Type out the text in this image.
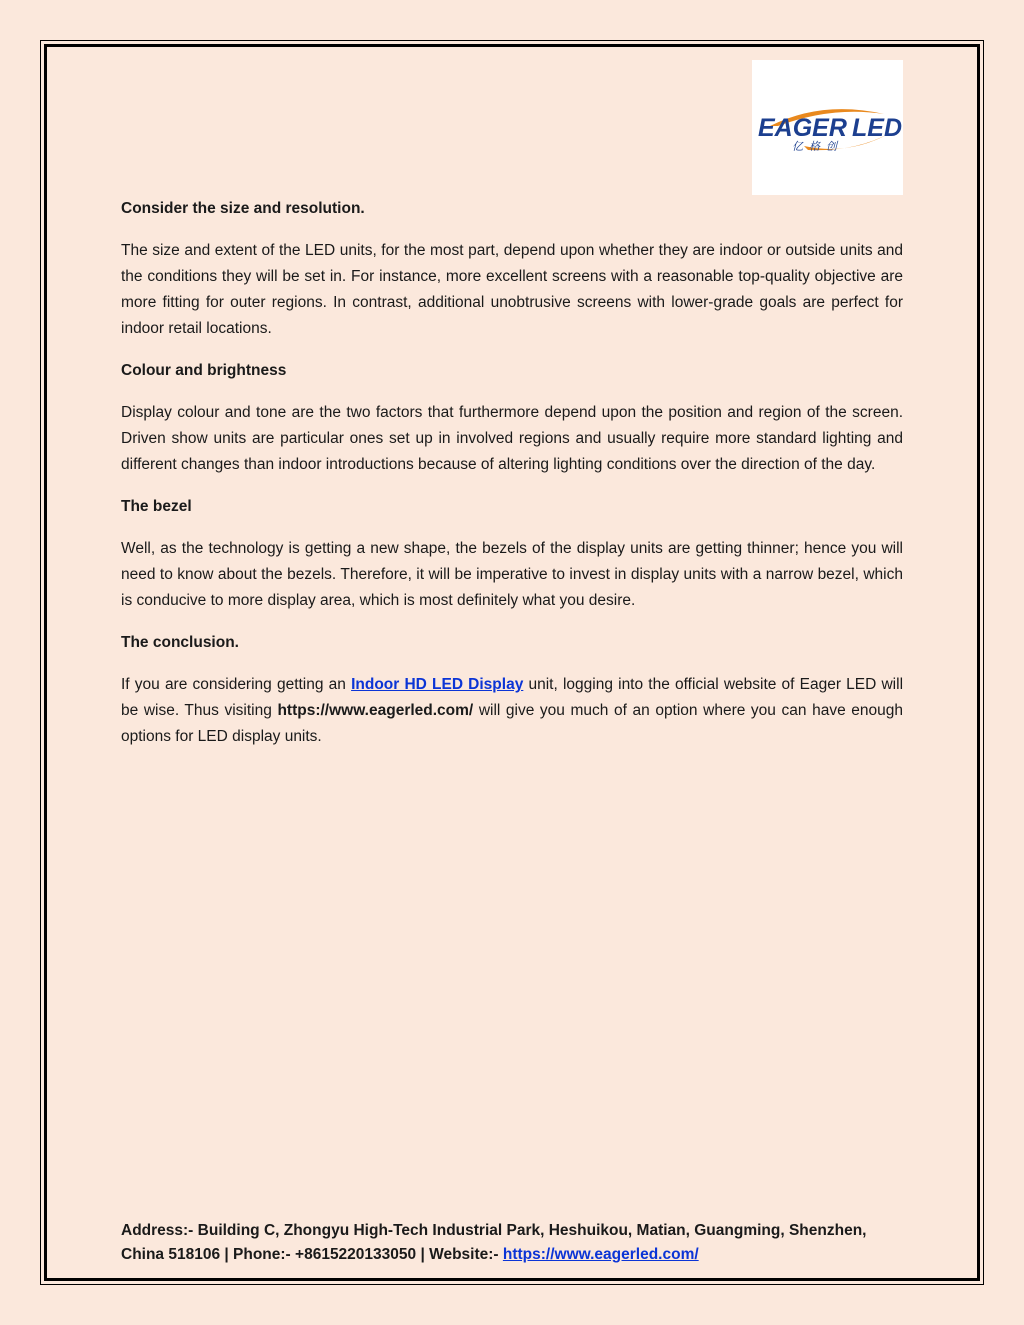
EAGER LED
亿格创

Consider the size and resolution.

The size and extent of the LED units, for the most part, depend upon whether they are indoor or outside units and the conditions they will be set in. For instance, more excellent screens with a reasonable top-quality objective are more fitting for outer regions. In contrast, additional unobtrusive screens with lower-grade goals are perfect for indoor retail locations.

Colour and brightness

Display colour and tone are the two factors that furthermore depend upon the position and region of the screen. Driven show units are particular ones set up in involved regions and usually require more standard lighting and different changes than indoor introductions because of altering lighting conditions over the direction of the day.

The bezel

Well, as the technology is getting a new shape, the bezels of the display units are getting thinner; hence you will need to know about the bezels. Therefore, it will be imperative to invest in display units with a narrow bezel, which is conducive to more display area, which is most definitely what you desire.

The conclusion.

If you are considering getting an Indoor HD LED Display unit, logging into the official website of Eager LED will be wise. Thus visiting https://www.eagerled.com/ will give you much of an option where you can have enough options for LED display units.

Address:- Building C, Zhongyu High-Tech Industrial Park, Heshuikou, Matian, Guangming, Shenzhen, China 518106 | Phone:- +8615220133050 | Website:- https://www.eagerled.com/
